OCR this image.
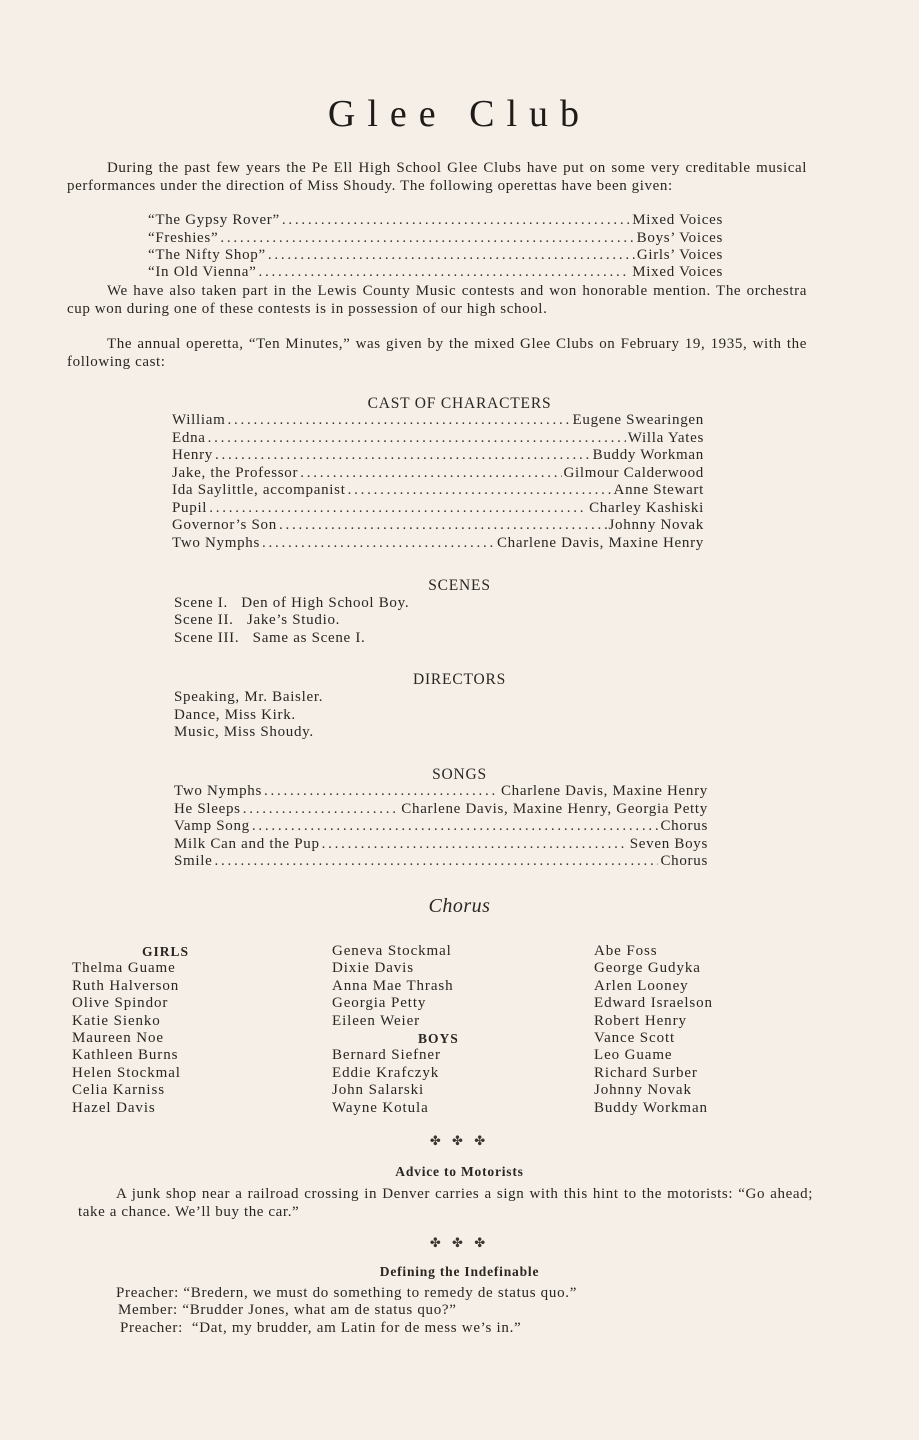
Glee Club

During the past few years the Pe Ell High School Glee Clubs have put on some very creditable musical performances under the direction of Miss Shoudy. The following operettas have been given:

“The Gypsy Rover” . . .	Mixed Voices
“Freshies” . . .	Boys’ Voices
“The Nifty Shop” . . .	Girls’ Voices
“In Old Vienna” . . .	Mixed Voices

We have also taken part in the Lewis County Music contests and won honorable mention. The orchestra cup won during one of these contests is in possession of our high school.

The annual operetta, “Ten Minutes,” was given by the mixed Glee Clubs on February 19, 1935, with the following cast:

CAST OF CHARACTERS
William . . .	Eugene Swearingen
Edna . . .	Willa Yates
Henry . . .	Buddy Workman
Jake, the Professor . . .	Gilmour Calderwood
Ida Saylittle, accompanist . . .	Anne Stewart
Pupil . . .	Charley Kashiski
Governor’s Son . . .	Johnny Novak
Two Nymphs . . .	Charlene Davis, Maxine Henry
SCENES
Scene I.   Den of High School Boy.
Scene II.   Jake’s Studio.
Scene III.   Same as Scene I.
DIRECTORS
Speaking, Mr. Baisler.
Dance, Miss Kirk.
Music, Miss Shoudy.
SONGS
Two Nymphs . . .	Charlene Davis, Maxine Henry
He Sleeps . . .	Charlene Davis, Maxine Henry, Georgia Petty
Vamp Song . . .	Chorus
Milk Can and the Pup . . .	Seven Boys
Smile . . .	Chorus
Chorus
GIRLS
Thelma Guame
Ruth Halverson
Olive Spindor
Katie Sienko
Maureen Noe
Kathleen Burns
Helen Stockmal
Celia Karniss
Hazel Davis
Geneva Stockmal
Dixie Davis
Anna Mae Thrash
Georgia Petty
Eileen Weier
BOYS
Bernard Siefner
Eddie Krafczyk
John Salarski
Wayne Kotula
Abe Foss
George Gudyka
Arlen Looney
Edward Israelson
Robert Henry
Vance Scott
Leo Guame
Richard Surber
Johnny Novak
Buddy Workman
✤ ✤ ✤
Advice to Motorists

A junk shop near a railroad crossing in Denver carries a sign with this hint to the motorists: “Go ahead; take a chance. We’ll buy the car.”

✤ ✤ ✤
Defining the Indefinable
Preacher: “Bredern, we must do something to remedy de status quo.”
Member: “Brudder Jones, what am de status quo?”
Preacher:  “Dat, my brudder, am Latin for de mess we’s in.”
